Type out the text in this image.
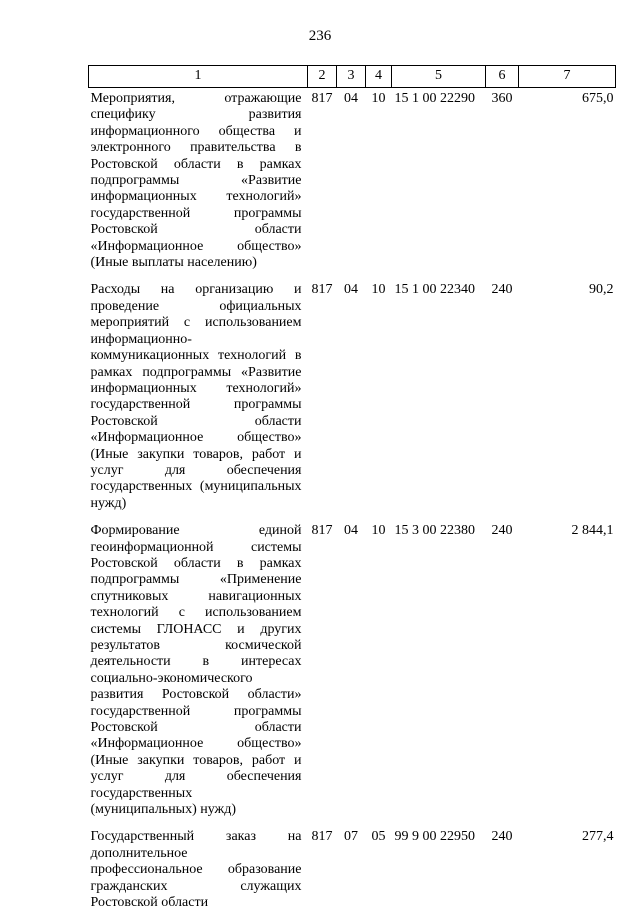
236
1	2	3	4	5	6	7
Мероприятия, отражающие специфику развития информационного общества и электронного правительства в Ростовской области в рамках подпрограммы «Развитие информационных технологий» государственной программы Ростовской области «Информационное общество» (Иные выплаты населению)	817	04	10	15 1 00 22290	360	675,0
Расходы на организацию и проведение официальных мероприятий с использованием информационно-коммуникационных технологий в рамках подпрограммы «Развитие информационных технологий» государственной программы Ростовской области «Информационное общество» (Иные закупки товаров, работ и услуг для обеспечения государственных (муниципальных нужд)	817	04	10	15 1 00 22340	240	90,2
Формирование единой геоинформационной системы Ростовской области в рамках подпрограммы «Применение спутниковых навигационных технологий с использованием системы ГЛОНАСС и других результатов космической деятельности в интересах социально-экономического развития Ростовской области» государственной программы Ростовской области «Информационное общество» (Иные закупки товаров, работ и услуг для обеспечения государственных (муниципальных) нужд)	817	04	10	15 3 00 22380	240	2 844,1
Государственный заказ на дополнительное профессиональное образование гражданских служащих Ростовской области	817	07	05	99 9 00 22950	240	277,4
